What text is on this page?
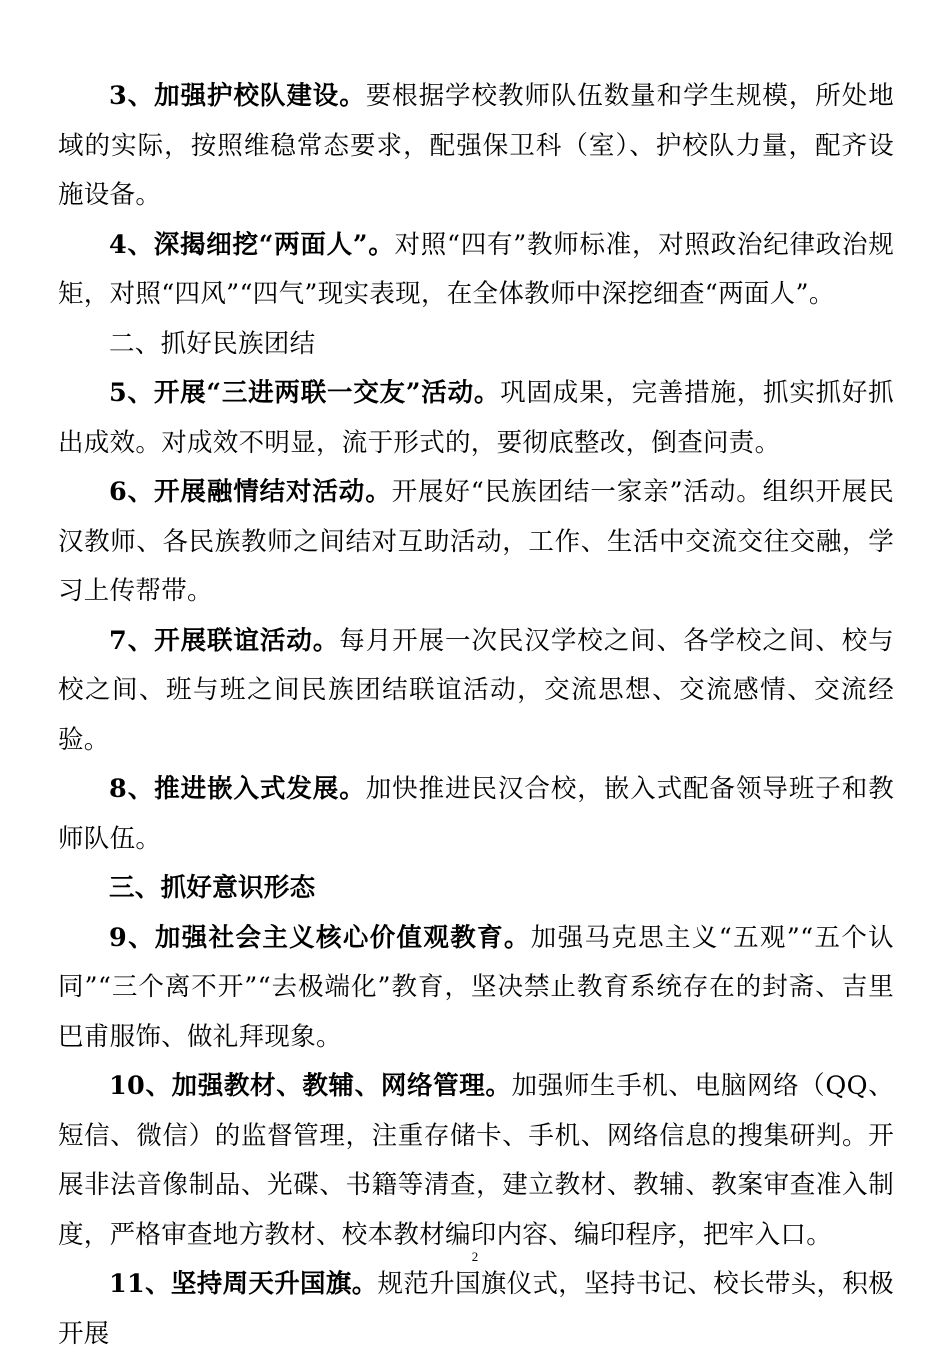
3、加强护校队建设。要根据学校教师队伍数量和学生规模，所处地域的实际，按照维稳常态要求，配强保卫科（室）、护校队力量，配齐设施设备。

4、深揭细挖“两面人”。对照“四有”教师标准，对照政治纪律政治规矩，对照“四风”“四气”现实表现，在全体教师中深挖细查“两面人”。

二、抓好民族团结

5、开展“三进两联一交友”活动。巩固成果，完善措施，抓实抓好抓出成效。对成效不明显，流于形式的，要彻底整改，倒查问责。

6、开展融情结对活动。开展好“民族团结一家亲”活动。组织开展民汉教师、各民族教师之间结对互助活动，工作、生活中交流交往交融，学习上传帮带。

7、开展联谊活动。每月开展一次民汉学校之间、各学校之间、校与校之间、班与班之间民族团结联谊活动，交流思想、交流感情、交流经验。

8、推进嵌入式发展。加快推进民汉合校，嵌入式配备领导班子和教师队伍。

三、抓好意识形态

9、加强社会主义核心价值观教育。加强马克思主义“五观”“五个认同”“三个离不开”“去极端化”教育，坚决禁止教育系统存在的封斋、吉里巴甫服饰、做礼拜现象。

10、加强教材、教辅、网络管理。加强师生手机、电脑网络（QQ、短信、微信）的监督管理，注重存储卡、手机、网络信息的搜集研判。开展非法音像制品、光碟、书籍等清查，建立教材、教辅、教案审查准入制度，严格审查地方教材、校本教材编印内容、编印程序，把牢入口。

11、坚持周天升国旗。规范升国旗仪式，坚持书记、校长带头，积极开展

2
